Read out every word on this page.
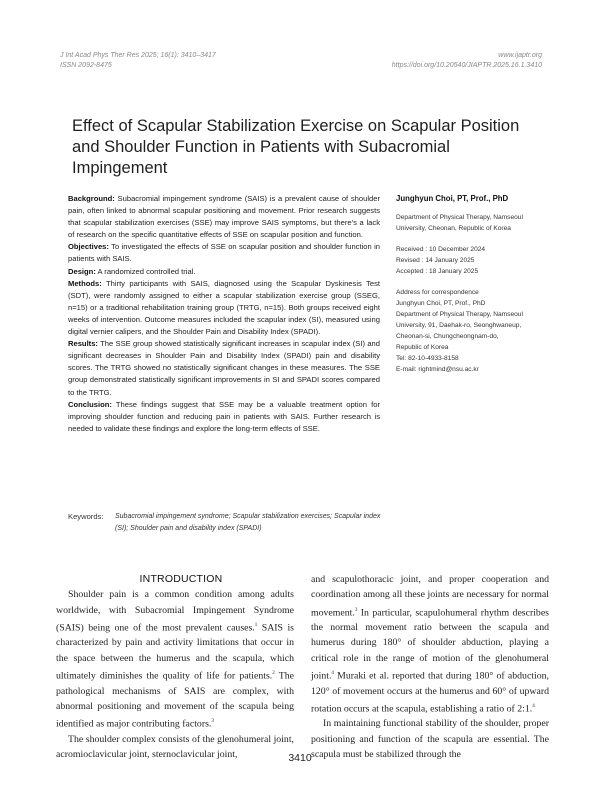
J Int Acad Phys Ther Res 2025; 16(1): 3410–3417
ISSN 2092-8475
www.ijaptr.org
https://doi.org/10.20540/JIAPTR.2025.16.1.3410
Effect of Scapular Stabilization Exercise on Scapular Position and Shoulder Function in Patients with Subacromial Impingement

Background: Subacromial impingement syndrome (SAIS) is a prevalent cause of shoulder pain, often linked to abnormal scapular positioning and movement. Prior research suggests that scapular stabilization exercises (SSE) may improve SAIS symptoms, but there's a lack of research on the specific quantitative effects of SSE on scapular position and function.

Objectives: To investigated the effects of SSE on scapular position and shoulder function in patients with SAIS.

Design: A randomized controlled trial.

Methods: Thirty participants with SAIS, diagnosed using the Scapular Dyskinesis Test (SDT), were randomly assigned to either a scapular stabilization exercise group (SSEG, n=15) or a traditional rehabilitation training group (TRTG, n=15). Both groups received eight weeks of intervention. Outcome measures included the scapular index (SI), measured using digital vernier calipers, and the Shoulder Pain and Disability Index (SPADI).

Results: The SSE group showed statistically significant increases in scapular index (SI) and significant decreases in Shoulder Pain and Disability Index (SPADI) pain and disability scores. The TRTG showed no statistically significant changes in these measures. The SSE group demonstrated statistically significant improvements in SI and SPADI scores compared to the TRTG.

Conclusion: These findings suggest that SSE may be a valuable treatment option for improving shoulder function and reducing pain in patients with SAIS. Further research is needed to validate these findings and explore the long-term effects of SSE.

Junghyun Choi, PT, Prof., PhD
Department of Physical Therapy, Namseoul
University, Cheonan, Republic of Korea
Received : 10 December 2024
Revised : 14 January 2025
Accepted : 18 January 2025
Address for correspondence
Junghyun Choi, PT, Prof., PhD
Department of Physical Therapy, Namseoul
University, 91, Daehak-ro, Seonghwaneup,
Cheonan-si, Chungcheongnam-do,
Republic of Korea
Tel: 82-10-4933-8158
E-mail: rightmind@nsu.ac.kr
Keywords:	Subacromial impingement syndrome; Scapular stabilization exercises; Scapular index (SI); Shoulder pain and disability index (SPADI)

INTRODUCTION

Shoulder pain is a common condition among adults worldwide, with Subacromial Impingement Syndrome (SAIS) being one of the most prevalent causes.$^1$ SAIS is characterized by pain and activity limitations that occur in the space between the humerus and the scapula, which ultimately diminishes the quality of life for patients.$^2$ The pathological mechanisms of SAIS are complex, with abnormal positioning and movement of the scapula being identified as major contributing factors.$^3$

The shoulder complex consists of the glenohumeral joint, acromioclavicular joint, sternoclavicular joint,

and scapulothoracic joint, and proper cooperation and coordination among all these joints are necessary for normal movement.$^3$ In particular, scapulohumeral rhythm describes the normal movement ratio between the scapula and humerus during 180° of shoulder abduction, playing a critical role in the range of motion of the glenohumeral joint.$^4$ Muraki et al. reported that during 180° of abduction, 120° of movement occurs at the humerus and 60° of upward rotation occurs at the scapula, establishing a ratio of 2:1.$^4$

In maintaining functional stability of the shoulder, proper positioning and function of the scapula are essential. The scapula must be stabilized through the

3410
